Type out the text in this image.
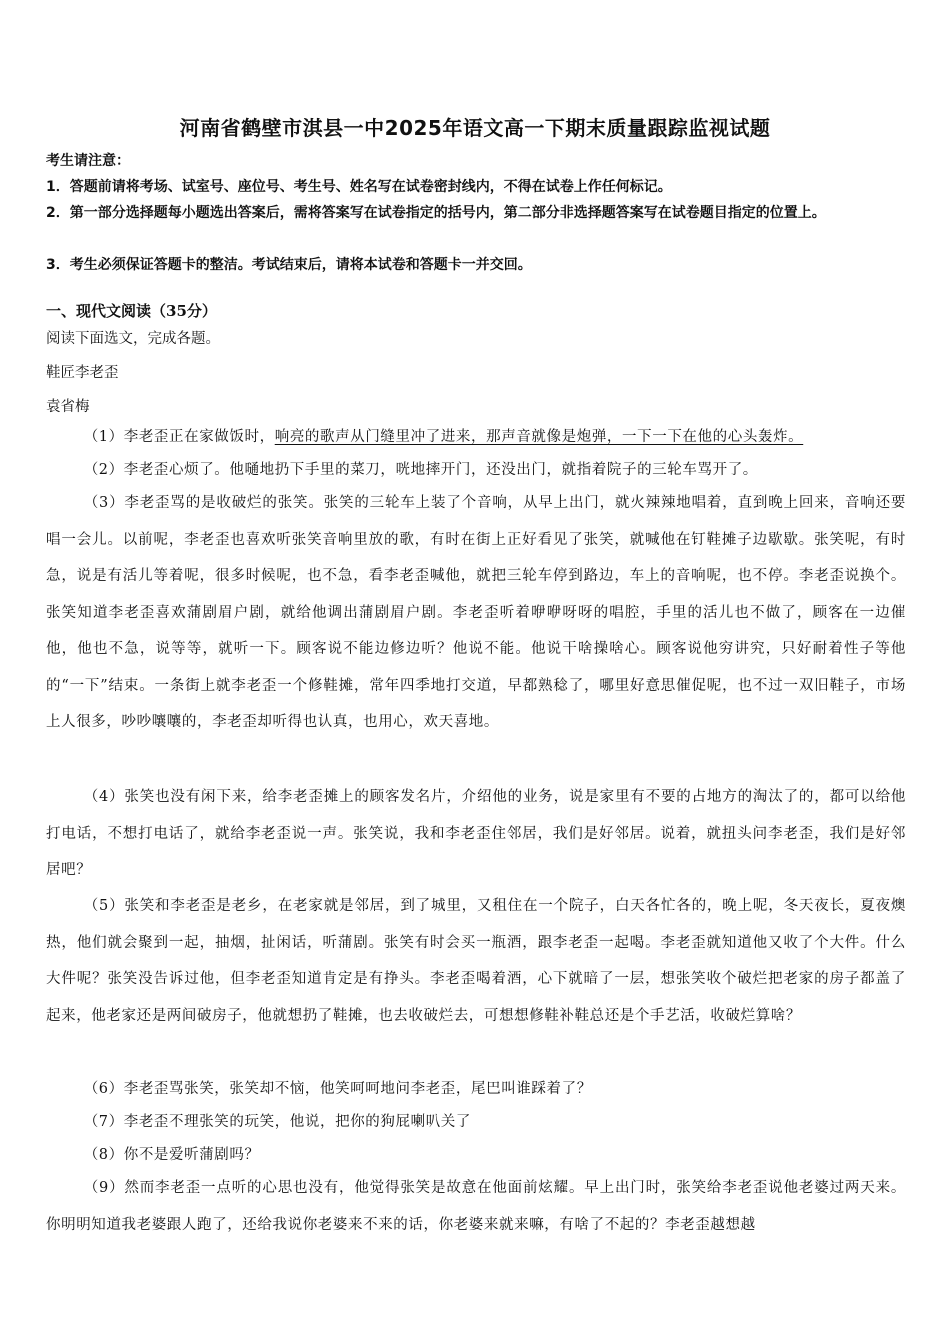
河南省鹤壁市淇县一中2025年语文高一下期末质量跟踪监视试题
考生请注意：
1．答题前请将考场、试室号、座位号、考生号、姓名写在试卷密封线内，不得在试卷上作任何标记。
2．第一部分选择题每小题选出答案后，需将答案写在试卷指定的括号内，第二部分非选择题答案写在试卷题目指定的位置上。
3．考生必须保证答题卡的整洁。考试结束后，请将本试卷和答题卡一并交回。
一、现代文阅读（35分）
阅读下面选文，完成各题。
鞋匠李老歪
袁省梅
（1）李老歪正在家做饭时，响亮的歌声从门缝里冲了进来，那声音就像是炮弹，一下一下在他的心头轰炸。
（2）李老歪心烦了。他嗵地扔下手里的菜刀，咣地摔开门，还没出门，就指着院子的三轮车骂开了。
（3）李老歪骂的是收破烂的张笑。张笑的三轮车上装了个音响，从早上出门，就火辣辣地唱着，直到晚上回来，音响还要唱一会儿。以前呢，李老歪也喜欢听张笑音响里放的歌，有时在街上正好看见了张笑，就喊他在钉鞋摊子边歇歇。张笑呢，有时急，说是有活儿等着呢，很多时候呢，也不急，看李老歪喊他，就把三轮车停到路边，车上的音响呢，也不停。李老歪说换个。张笑知道李老歪喜欢蒲剧眉户剧，就给他调出蒲剧眉户剧。李老歪听着咿咿呀呀的唱腔，手里的活儿也不做了，顾客在一边催他，他也不急，说等等，就听一下。顾客说不能边修边听？他说不能。他说干啥操啥心。顾客说他穷讲究，只好耐着性子等他的“一下”结束。一条街上就李老歪一个修鞋摊，常年四季地打交道，早都熟稔了，哪里好意思催促呢，也不过一双旧鞋子，市场上人很多，吵吵嚷嚷的，李老歪却听得也认真，也用心，欢天喜地。
（4）张笑也没有闲下来，给李老歪摊上的顾客发名片，介绍他的业务，说是家里有不要的占地方的淘汰了的，都可以给他打电话，不想打电话了，就给李老歪说一声。张笑说，我和李老歪住邻居，我们是好邻居。说着，就扭头问李老歪，我们是好邻居吧？
（5）张笑和李老歪是老乡，在老家就是邻居，到了城里，又租住在一个院子，白天各忙各的，晚上呢，冬天夜长，夏夜燠热，他们就会聚到一起，抽烟，扯闲话，听蒲剧。张笑有时会买一瓶酒，跟李老歪一起喝。李老歪就知道他又收了个大件。什么大件呢？张笑没告诉过他，但李老歪知道肯定是有挣头。李老歪喝着酒，心下就暗了一层，想张笑收个破烂把老家的房子都盖了起来，他老家还是两间破房子，他就想扔了鞋摊，也去收破烂去，可想想修鞋补鞋总还是个手艺活，收破烂算啥？
（6）李老歪骂张笑，张笑却不恼，他笑呵呵地问李老歪，尾巴叫谁踩着了？
（7）李老歪不理张笑的玩笑，他说，把你的狗屁喇叭关了
（8）你不是爱听蒲剧吗？
（9）然而李老歪一点听的心思也没有，他觉得张笑是故意在他面前炫耀。早上出门时，张笑给李老歪说他老婆过两天来。你明明知道我老婆跟人跑了，还给我说你老婆来不来的话，你老婆来就来嘛，有啥了不起的？李老歪越想越
